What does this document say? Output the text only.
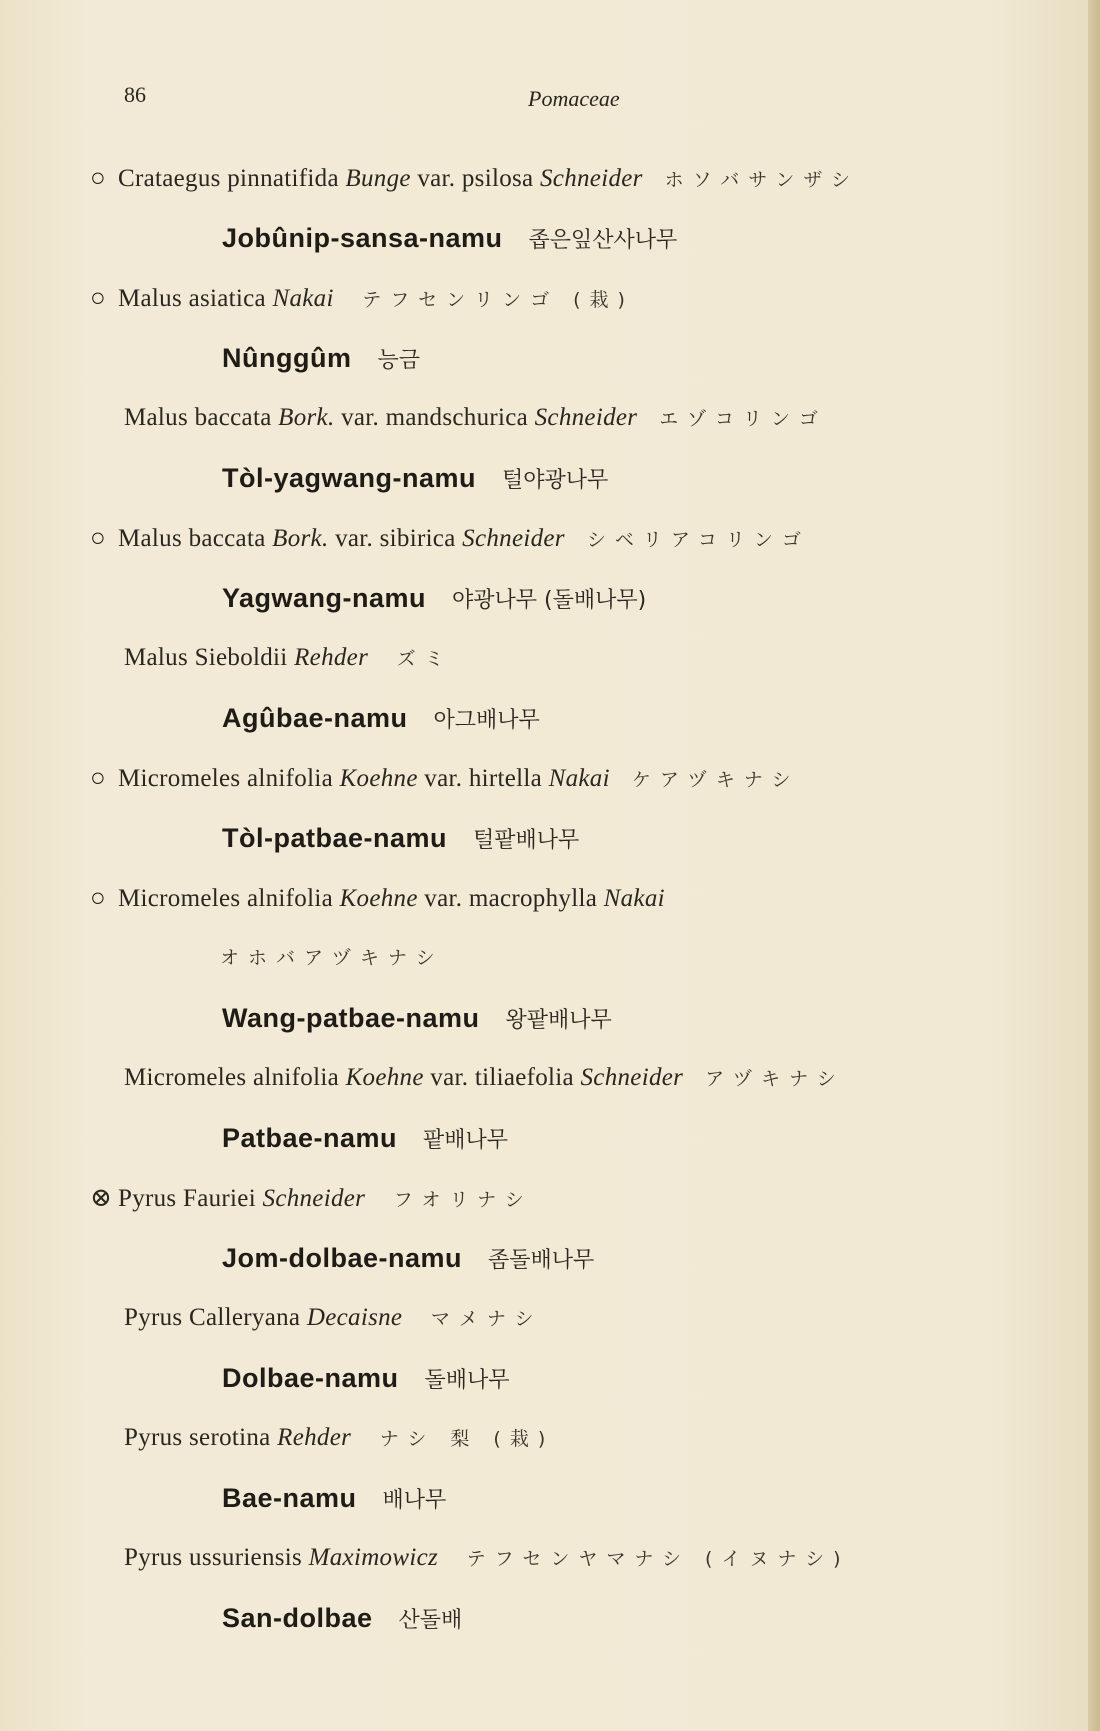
86	Pomaceae
○ Crataegus pinnatifida Bunge var. psilosa Schneider ホソバサンザシ
Jobûnip-sansa-namu 좁은잎산사나무
○ Malus asiatica Nakai テフセンリンゴ (栽)
Nûnggûm 능금
Malus baccata Bork. var. mandschurica Schneider エゾコリンゴ
Tòl-yagwang-namu 털야광나무
○ Malus baccata Bork. var. sibirica Schneider シベリアコリンゴ
Yagwang-namu 야광나무 (돌배나무)
Malus Sieboldii Rehder ズミ
Agûbae-namu 아그배나무
○ Micromeles alnifolia Koehne var. hirtella Nakai ケアヅキナシ
Tòl-patbae-namu 털팥배나무
○ Micromeles alnifolia Koehne var. macrophylla Nakai
オホバアヅキナシ
Wang-patbae-namu 왕팥배나무
Micromeles alnifolia Koehne var. tiliaefolia Schneider アヅキナシ
Patbae-namu 팥배나무
⊗ Pyrus Fauriei Schneider フオリナシ
Jom-dolbae-namu 좀돌배나무
Pyrus Calleryana Decaisne マメナシ
Dolbae-namu 돌배나무
Pyrus serotina Rehder ナシ 梨 (栽)
Bae-namu 배나무
Pyrus ussuriensis Maximowicz テフセンヤマナシ (イヌナシ)
San-dolbae 산돌배
